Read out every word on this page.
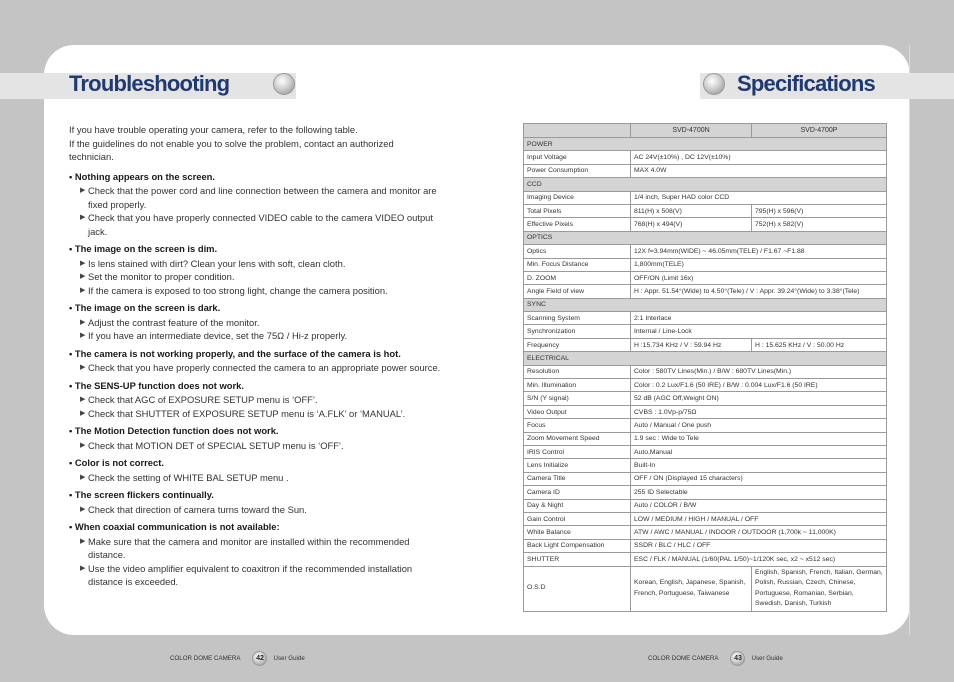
Troubleshooting	Specifications
If you have trouble operating your camera, refer to the following table.
If the guidelines do not enable you to solve the problem, contact an authorized technician.
• Nothing appears on the screen.
▶ Check that the power cord and line connection between the camera and monitor are fixed properly.
▶ Check that you have properly connected VIDEO cable to the camera VIDEO output jack.
• The image on the screen is dim.
▶ Is lens stained with dirt? Clean your lens with soft, clean cloth.
▶ Set the monitor to proper condition.
▶ If the camera is exposed to too strong light, change the camera position.
• The image on the screen is dark.
▶ Adjust the contrast feature of the monitor.
▶ If you have an intermediate device, set the 75Ω / Hi-z properly.
• The camera is not working properly, and the surface of the camera is hot.
▶ Check that you have properly connected the camera to an appropriate power source.
• The SENS-UP function does not work.
▶ Check that AGC of EXPOSURE SETUP menu is ‘OFF’.
▶ Check that SHUTTER of EXPOSURE SETUP menu is ‘A.FLK’ or ‘MANUAL’.
• The Motion Detection function does not work.
▶ Check that MOTION DET of SPECIAL SETUP menu is ‘OFF’.
• Color is not correct.
▶ Check the setting of WHITE BAL SETUP menu .
• The screen flickers continually.
▶ Check that direction of camera turns toward the Sun.
• When coaxial communication is not available:
▶ Make sure that the camera and monitor are installed within the recommended distance.
▶ Use the video amplifier equivalent to coaxitron if the recommended installation distance is exceeded.
	SVD-4700N	SVD-4700P
POWER		
Input Voltage	AC 24V(±10%) , DC 12V(±10%)	
Power Consumption	MAX 4.0W	
CCD		
Imaging Device	1/4 inch, Super HAD color CCD	
Total Pixels	811(H) x 508(V)	795(H) x 596(V)
Effective Pixels	768(H) x 494(V)	752(H) x 582(V)
OPTICS		
Optics	12X f=3.94mm(WIDE) ~ 46.05mm(TELE) / F1.67 ~F1.88	
Min. Focus Distance	1,800mm(TELE)	
D. ZOOM	OFF/ON (Limit 16x)	
Angle Field of view	H : Appr. 51.54°(Wide) to 4.50°(Tele) / V : Appr. 39.24°(Wide) to 3.38°(Tele)	
SYNC		
Scanning System	2:1 Interlace	
Synchronization	Internal / Line-Lock	
Frequency	H :15.734 KHz / V : 59.94 Hz	H : 15.625 KHz / V : 50.00 Hz
ELECTRICAL		
Resolution	Color : 580TV Lines(Min.) / B/W : 680TV Lines(Min.)	
Min. Illumination	Color : 0.2 Lux/F1.6 (50 IRE) / B/W : 0.004 Lux/F1.6 (50 IRE)	
S/N (Y signal)	52 dB (AGC Off,Weight ON)	
Video Output	CVBS : 1.0Vp-p/75Ω	
Focus	Auto / Manual / One push	
Zoom Movement Speed	1.9 sec : Wide to Tele	
IRIS Control	Auto,Manual	
Lens Initialize	Built-In	
Camera Title	OFF / ON (Displayed 15 characters)	
Camera ID	255 ID Selectable	
Day & Night	Auto / COLOR / B/W	
Gain Control	LOW / MEDIUM / HIGH / MANUAL / OFF	
White Balance	ATW / AWC / MANUAL / INDOOR / OUTDOOR (1,700k ~ 11,000K)	
Back Light Compensation	SSDR / BLC / HLC / OFF	
SHUTTER	ESC / FLK / MANUAL (1/60(PAL 1/50)~1/120K sec, x2 ~ x512 sec)	
O.S.D	Korean, English, Japanese, Spanish, French, Portuguese, Taiwanese	English, Spanish, French, Italian, German, Polish, Russian, Czech, Chinese, Portuguese, Romanian, Serbian, Swedish, Danish, Turkish
COLOR DOME CAMERA	42	User Guide	COLOR DOME CAMERA	43	User Guide
